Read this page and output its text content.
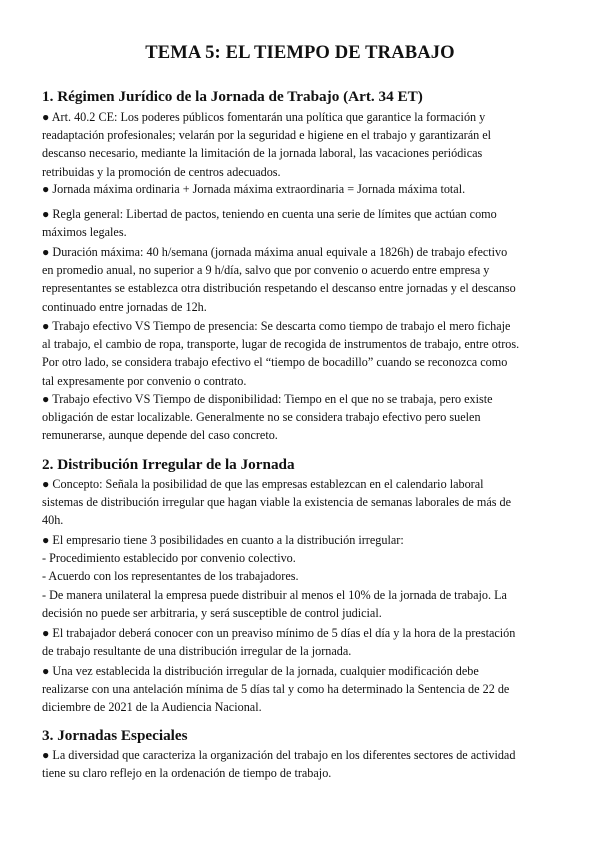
TEMA 5: EL TIEMPO DE TRABAJO
1. Régimen Jurídico de la Jornada de Trabajo (Art. 34 ET)

● Art. 40.2 CE: Los poderes públicos fomentarán una política que garantice la formación y
readaptación profesionales; velarán por la seguridad e higiene en el trabajo y garantizarán el
descanso necesario, mediante la limitación de la jornada laboral, las vacaciones periódicas
retribuidas y la promoción de centros adecuados.

● Jornada máxima ordinaria + Jornada máxima extraordinaria = Jornada máxima total.

● Regla general: Libertad de pactos, teniendo en cuenta una serie de límites que actúan como
máximos legales.

● Duración máxima: 40 h/semana (jornada máxima anual equivale a 1826h) de trabajo efectivo
en promedio anual, no superior a 9 h/día, salvo que por convenio o acuerdo entre empresa y
representantes se establezca otra distribución respetando el descanso entre jornadas y el descanso
continuado entre jornadas de 12h.

● Trabajo efectivo VS Tiempo de presencia: Se descarta como tiempo de trabajo el mero fichaje
al trabajo, el cambio de ropa, transporte, lugar de recogida de instrumentos de trabajo, entre otros.
Por otro lado, se considera trabajo efectivo el “tiempo de bocadillo” cuando se reconozca como
tal expresamente por convenio o contrato.

● Trabajo efectivo VS Tiempo de disponibilidad: Tiempo en el que no se trabaja, pero existe
obligación de estar localizable. Generalmente no se considera trabajo efectivo pero suelen
remunerarse, aunque depende del caso concreto.

2. Distribución Irregular de la Jornada

● Concepto: Señala la posibilidad de que las empresas establezcan en el calendario laboral
sistemas de distribución irregular que hagan viable la existencia de semanas laborales de más de
40h.

● El empresario tiene 3 posibilidades en cuanto a la distribución irregular:
- Procedimiento establecido por convenio colectivo.
- Acuerdo con los representantes de los trabajadores.
- De manera unilateral la empresa puede distribuir al menos el 10% de la jornada de trabajo. La
decisión no puede ser arbitraria, y será susceptible de control judicial.

● El trabajador deberá conocer con un preaviso mínimo de 5 días el día y la hora de la prestación
de trabajo resultante de una distribución irregular de la jornada.

● Una vez establecida la distribución irregular de la jornada, cualquier modificación debe
realizarse con una antelación mínima de 5 días tal y como ha determinado la Sentencia de 22 de
diciembre de 2021 de la Audiencia Nacional.

3. Jornadas Especiales

● La diversidad que caracteriza la organización del trabajo en los diferentes sectores de actividad
tiene su claro reflejo en la ordenación de tiempo de trabajo.
